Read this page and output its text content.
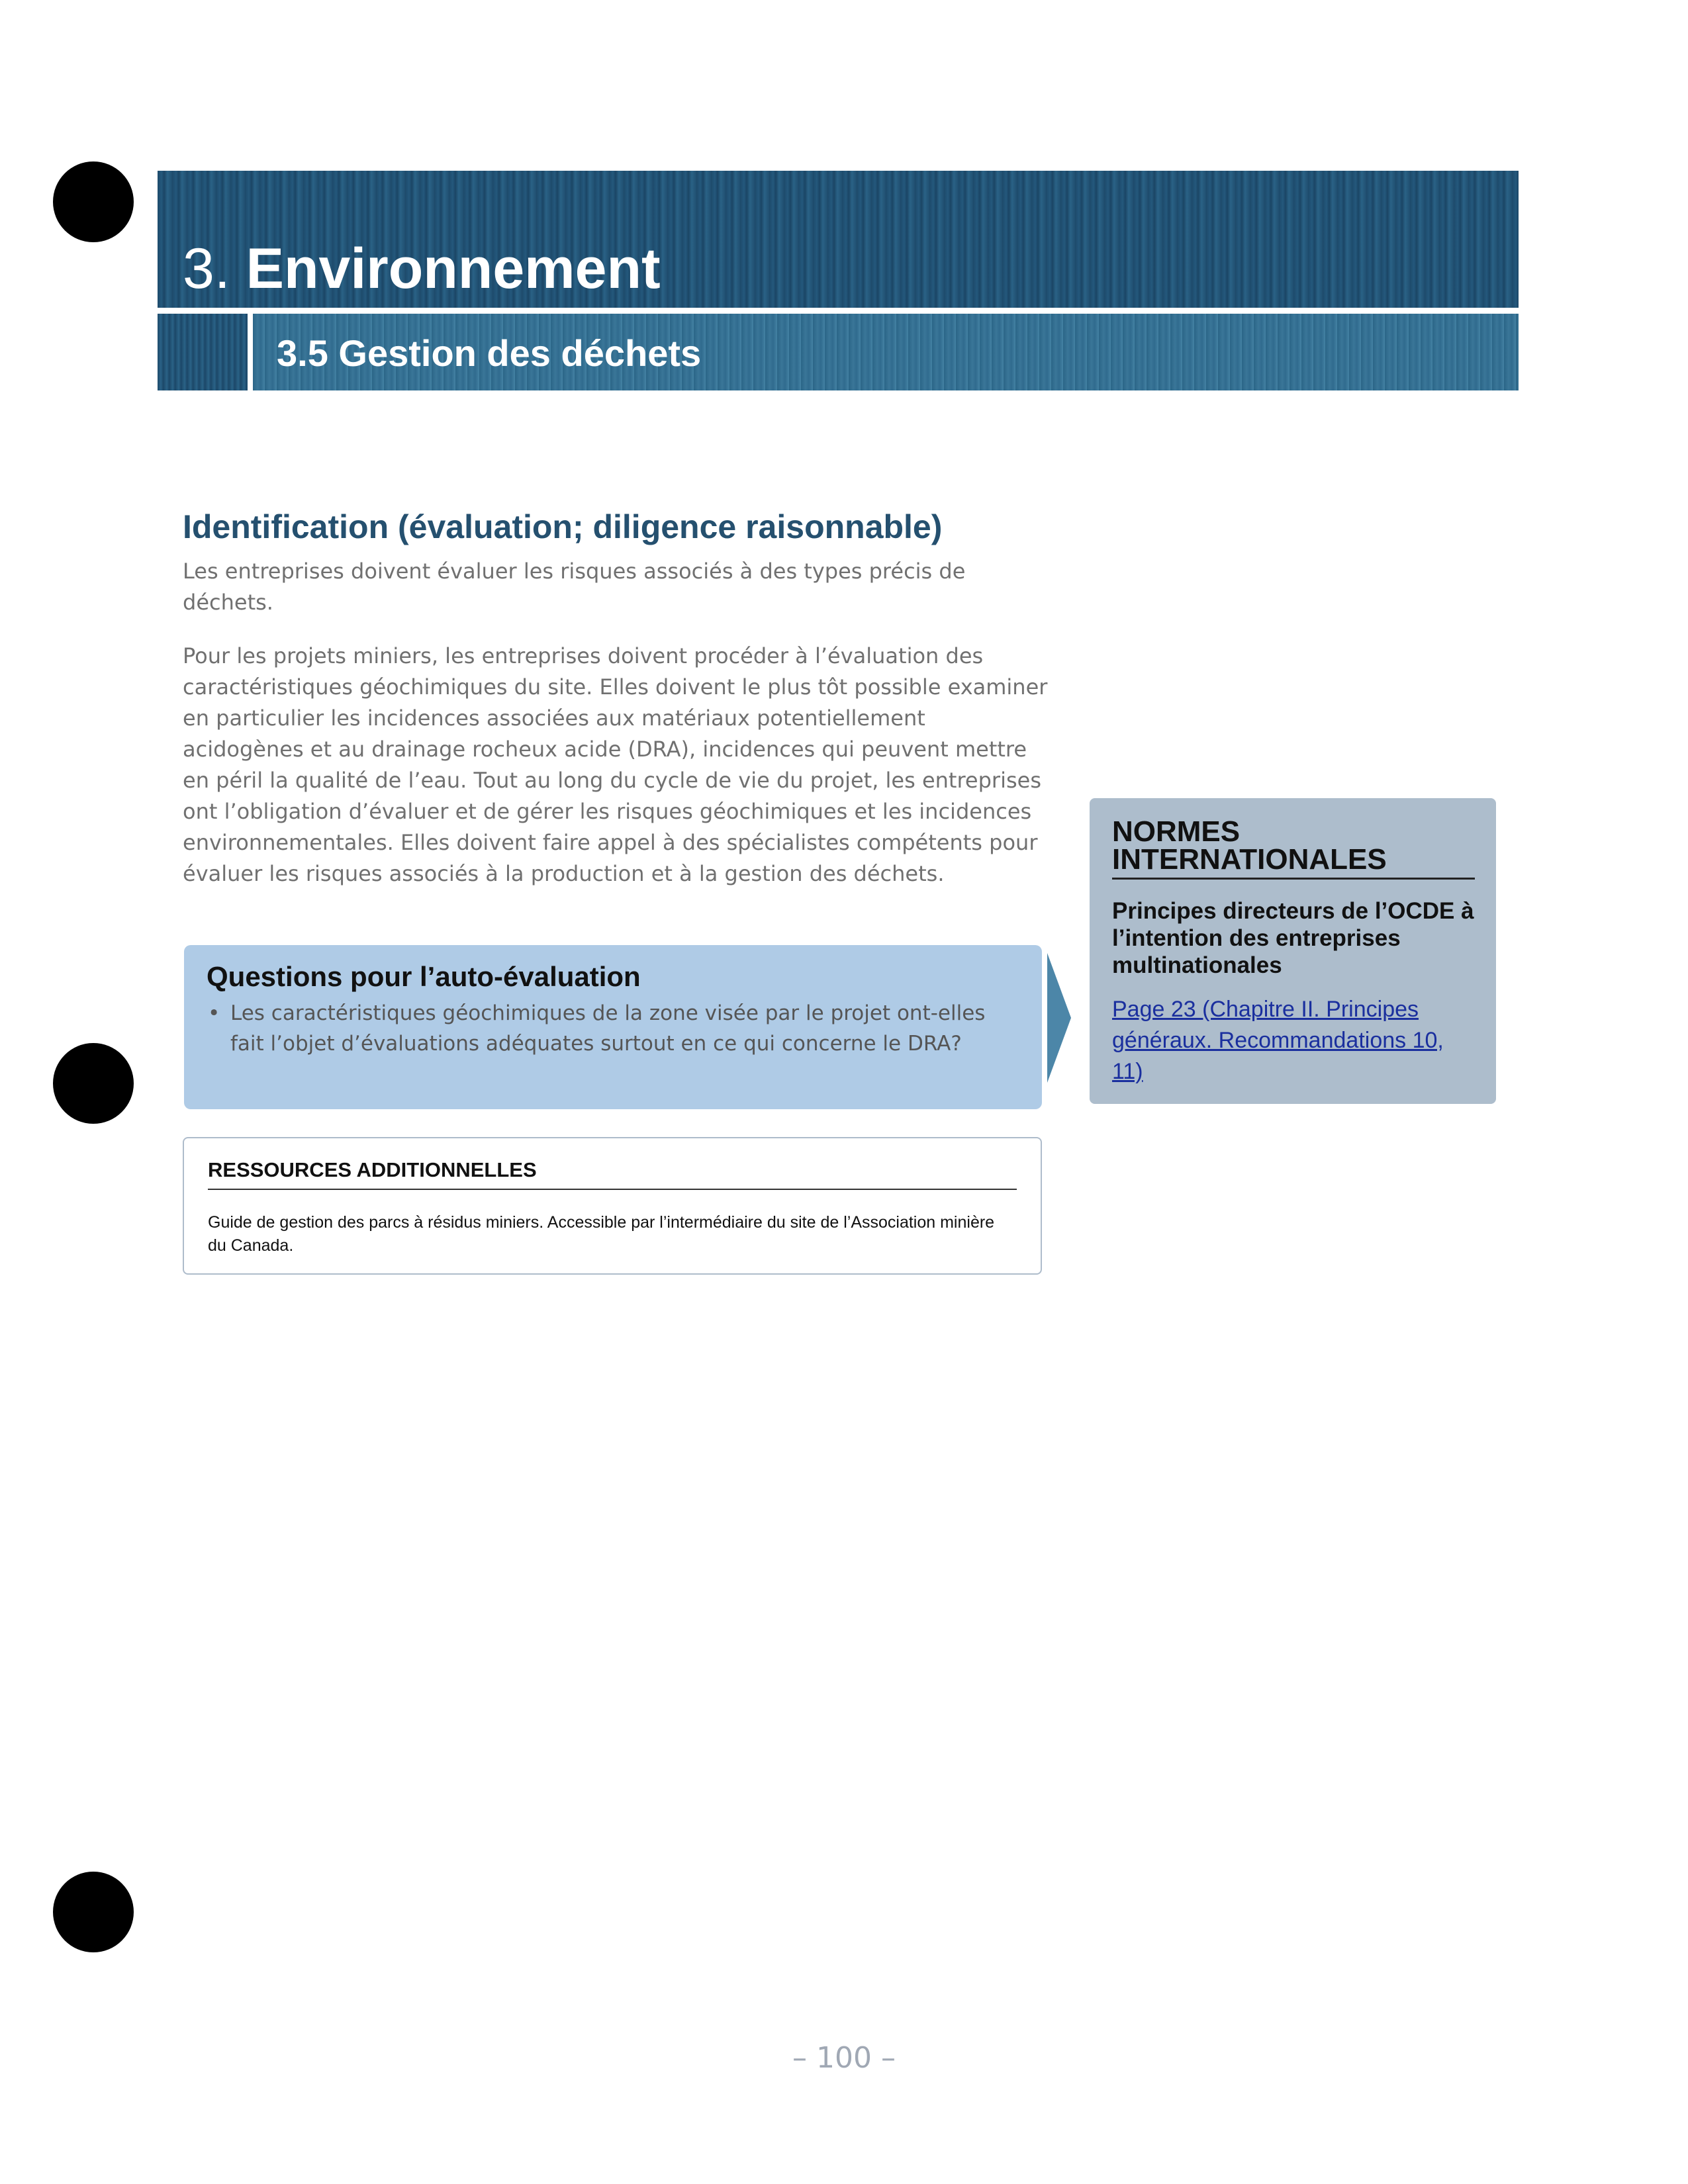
3. Environnement
3.5 Gestion des déchets
Identification (évaluation; diligence raisonnable)

Les entreprises doivent évaluer les risques associés à des types précis de déchets.

Pour les projets miniers, les entreprises doivent procéder à l’évaluation des caractéristiques géochimiques du site. Elles doivent le plus tôt possible examiner en particulier les incidences associées aux matériaux potentiellement acidogènes et au drainage rocheux acide (DRA), incidences qui peuvent mettre en péril la qualité de l’eau. Tout au long du cycle de vie du projet, les entreprises ont l’obligation d’évaluer et de gérer les risques géochimiques et les incidences environnementales. Elles doivent faire appel à des spécialistes compétents pour évaluer les risques associés à la production et à la gestion des déchets.

Questions pour l’auto-évaluation
• Les caractéristiques géochimiques de la zone visée par le projet ont-elles fait l’objet d’évaluations adéquates surtout en ce qui concerne le DRA?
RESSOURCES ADDITIONNELLES

Guide de gestion des parcs à résidus miniers. Accessible par l’intermédiaire du site de l’Association minière du Canada.

NORMES INTERNATIONALES

Principes directeurs de l’OCDE à l’intention des entreprises multinationales

Page 23 (Chapitre II. Principes généraux. Recommandations 10, 11)
– 100 –
